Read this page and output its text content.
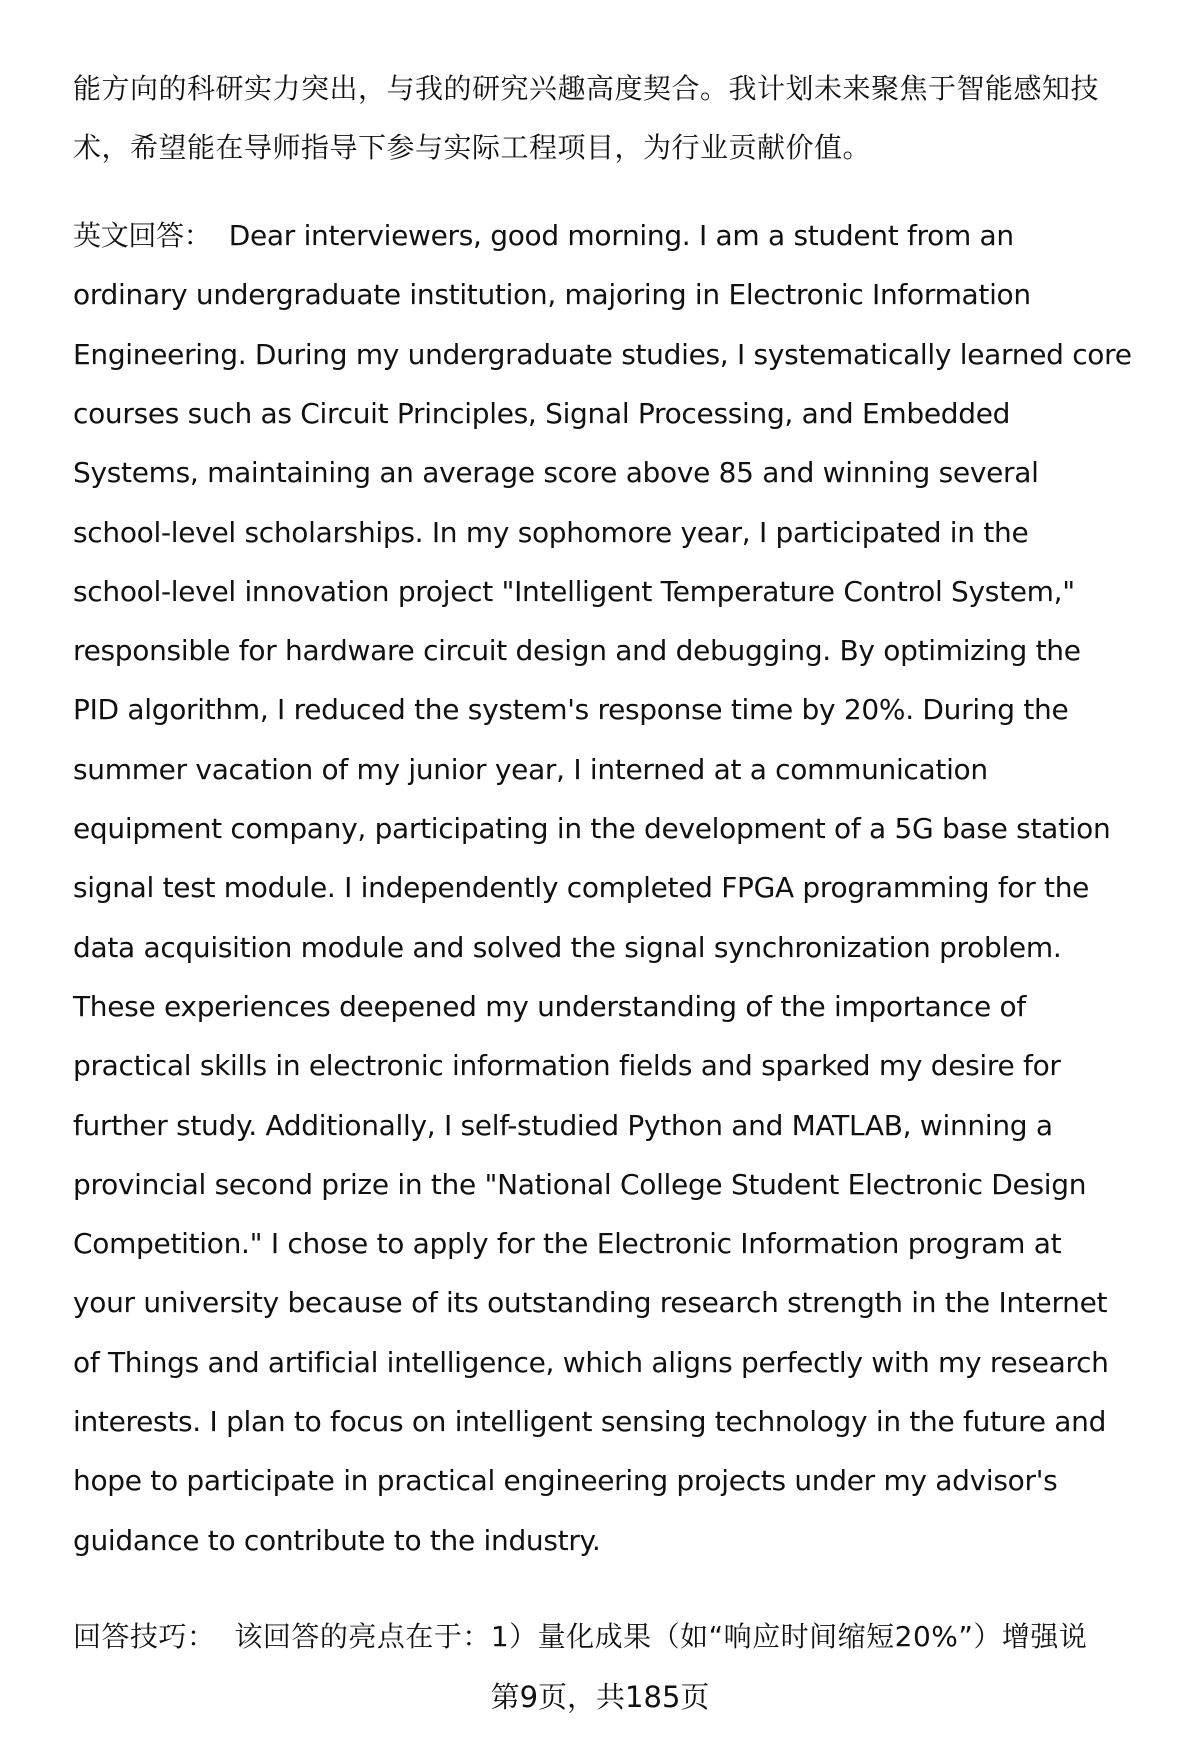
能方向的科研实力突出，与我的研究兴趣高度契合。我计划未来聚焦于智能感知技
术，希望能在导师指导下参与实际工程项目，为行业贡献价值。
英文回答： Dear interviewers, good morning. I am a student from an
ordinary undergraduate institution, majoring in Electronic Information
Engineering. During my undergraduate studies, I systematically learned core
courses such as Circuit Principles, Signal Processing, and Embedded
Systems, maintaining an average score above 85 and winning several
school-level scholarships. In my sophomore year, I participated in the
school-level innovation project "Intelligent Temperature Control System,"
responsible for hardware circuit design and debugging. By optimizing the
PID algorithm, I reduced the system's response time by 20%. During the
summer vacation of my junior year, I interned at a communication
equipment company, participating in the development of a 5G base station
signal test module. I independently completed FPGA programming for the
data acquisition module and solved the signal synchronization problem.
These experiences deepened my understanding of the importance of
practical skills in electronic information fields and sparked my desire for
further study. Additionally, I self-studied Python and MATLAB, winning a
provincial second prize in the "National College Student Electronic Design
Competition." I chose to apply for the Electronic Information program at
your university because of its outstanding research strength in the Internet
of Things and artificial intelligence, which aligns perfectly with my research
interests. I plan to focus on intelligent sensing technology in the future and
hope to participate in practical engineering projects under my advisor's
guidance to contribute to the industry.
回答技巧： 该回答的亮点在于：1）量化成果（如“响应时间缩短20%”）增强说
第9页，共185页
